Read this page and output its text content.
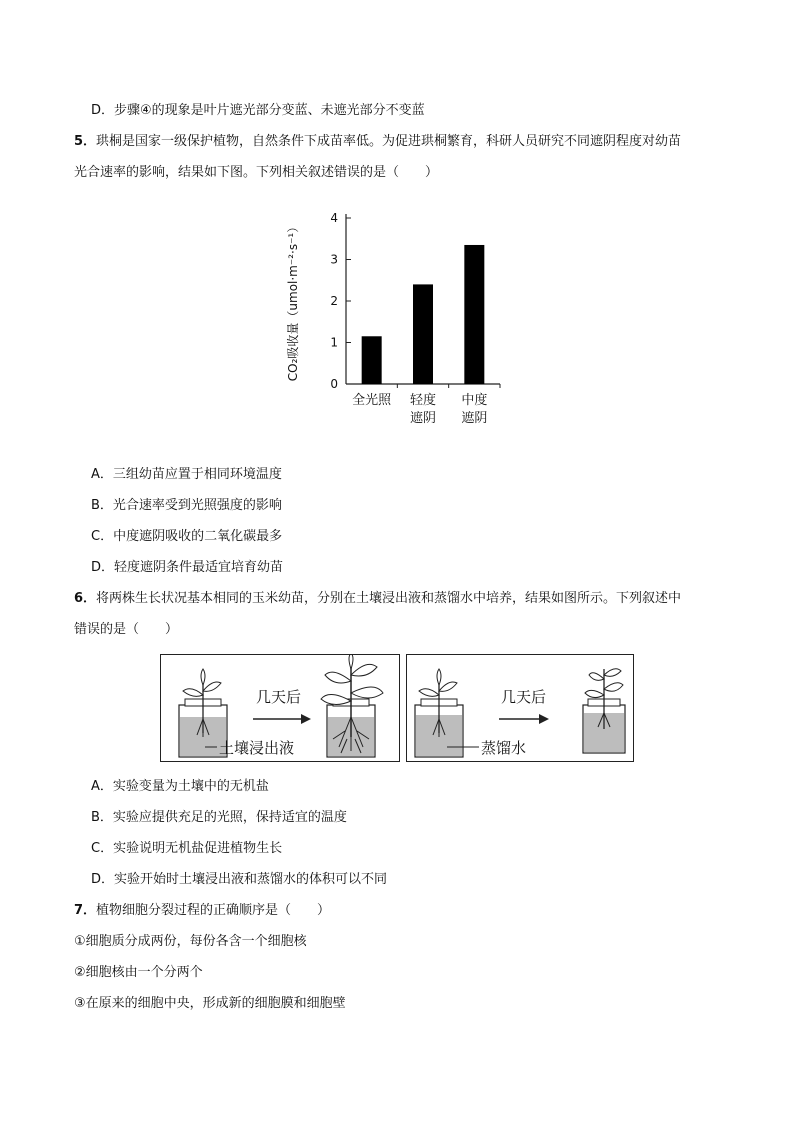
D．步骤④的现象是叶片遮光部分变蓝、未遮光部分不变蓝
5．珙桐是国家一级保护植物，自然条件下成苗率低。为促进珙桐繁育，科研人员研究不同遮阴程度对幼苗
光合速率的影响，结果如下图。下列相关叙述错误的是（　　）
0
1
2
3
4
全光照 轻度
遮阴
中度
遮阴
CO₂吸收量（umol·m⁻²·s⁻¹）
A．三组幼苗应置于相同环境温度
B．光合速率受到光照强度的影响
C．中度遮阴吸收的二氧化碳最多
D．轻度遮阴条件最适宜培育幼苗
6．将两株生长状况基本相同的玉米幼苗，分别在土壤浸出液和蒸馏水中培养，结果如图所示。下列叙述中
错误的是（　　）
几天后
土壤浸出液
几天后
蒸馏水
A．实验变量为土壤中的无机盐
B．实验应提供充足的光照，保持适宜的温度
C．实验说明无机盐促进植物生长
D．实验开始时土壤浸出液和蒸馏水的体积可以不同
7．植物细胞分裂过程的正确顺序是（　　）
①细胞质分成两份，每份各含一个细胞核
②细胞核由一个分两个
③在原来的细胞中央，形成新的细胞膜和细胞壁
